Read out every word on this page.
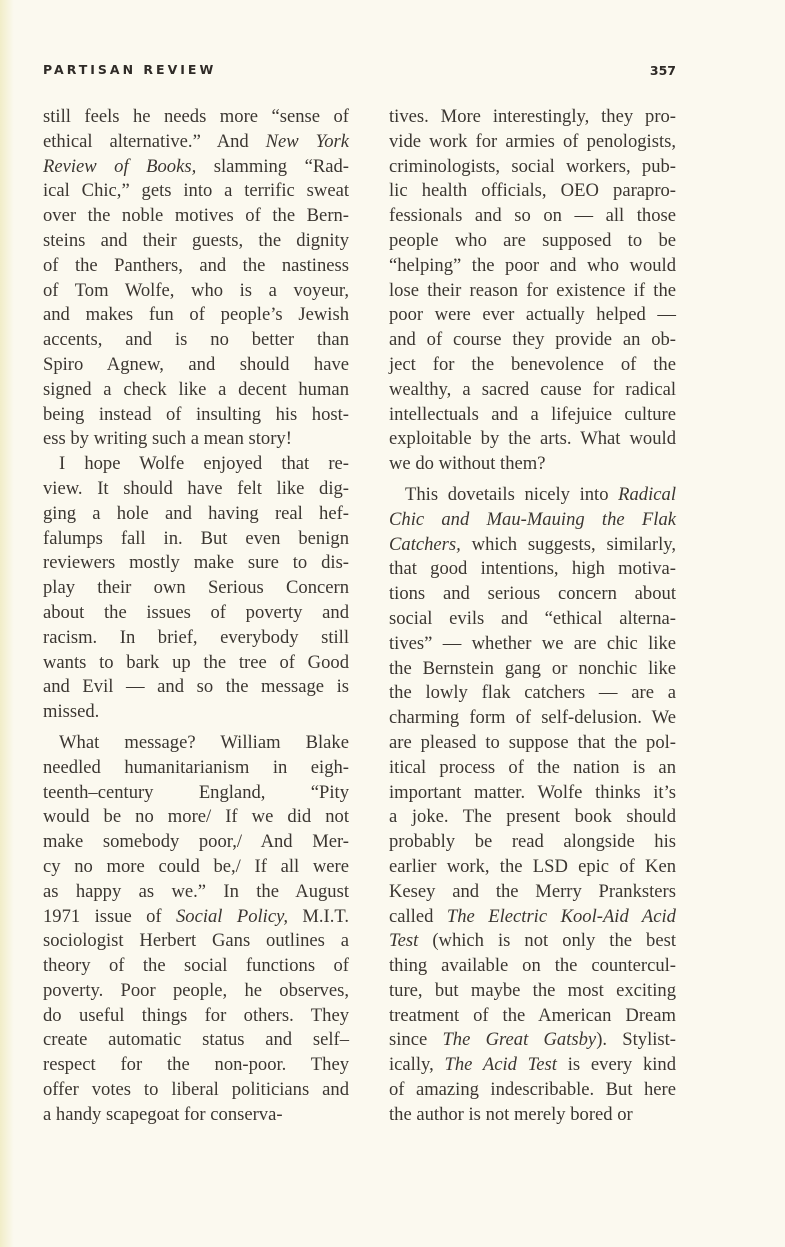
PARTISAN REVIEW	357
still feels he needs more “sense of
ethical alternative.” And New York
Review of Books, slamming “Rad-
ical Chic,” gets into a terrific sweat
over the noble motives of the Bern-
steins and their guests, the dignity
of the Panthers, and the nastiness
of Tom Wolfe, who is a voyeur,
and makes fun of people’s Jewish
accents, and is no better than
Spiro Agnew, and should have
signed a check like a decent human
being instead of insulting his host-
ess by writing such a mean story!
I hope Wolfe enjoyed that re-
view. It should have felt like dig-
ging a hole and having real hef-
falumps fall in. But even benign
reviewers mostly make sure to dis-
play their own Serious Concern
about the issues of poverty and
racism. In brief, everybody still
wants to bark up the tree of Good
and Evil — and so the message is
missed.
What message? William Blake
needled humanitarianism in eigh-
teenth–century England, “Pity
would be no more/ If we did not
make somebody poor,/ And Mer-
cy no more could be,/ If all were
as happy as we.” In the August
1971 issue of Social Policy, M.I.T.
sociologist Herbert Gans outlines a
theory of the social functions of
poverty. Poor people, he observes,
do useful things for others. They
create automatic status and self–
respect for the non-poor. They
offer votes to liberal politicians and
a handy scapegoat for conserva-
tives. More interestingly, they pro-
vide work for armies of penologists,
criminologists, social workers, pub-
lic health officials, OEO parapro-
fessionals and so on — all those
people who are supposed to be
“helping” the poor and who would
lose their reason for existence if the
poor were ever actually helped —
and of course they provide an ob-
ject for the benevolence of the
wealthy, a sacred cause for radical
intellectuals and a lifejuice culture
exploitable by the arts. What would
we do without them?
This dovetails nicely into Radical
Chic and Mau-Mauing the Flak
Catchers, which suggests, similarly,
that good intentions, high motiva-
tions and serious concern about
social evils and “ethical alterna-
tives” — whether we are chic like
the Bernstein gang or nonchic like
the lowly flak catchers — are a
charming form of self-delusion. We
are pleased to suppose that the pol-
itical process of the nation is an
important matter. Wolfe thinks it’s
a joke. The present book should
probably be read alongside his
earlier work, the LSD epic of Ken
Kesey and the Merry Pranksters
called The Electric Kool-Aid Acid
Test (which is not only the best
thing available on the countercul-
ture, but maybe the most exciting
treatment of the American Dream
since The Great Gatsby). Stylist-
ically, The Acid Test is every kind
of amazing indescribable. But here
the author is not merely bored or
